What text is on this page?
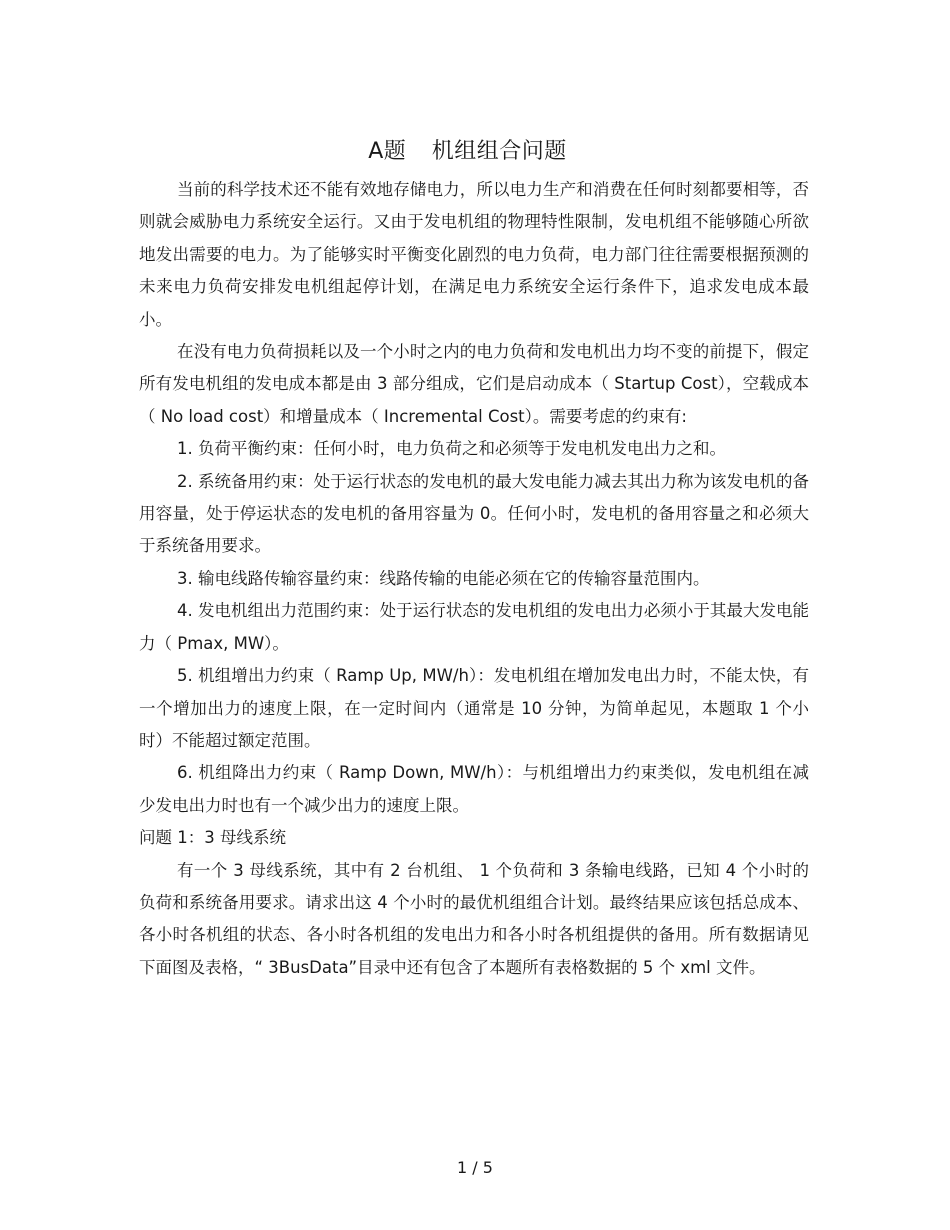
A题 机组组合问题

当前的科学技术还不能有效地存储电力，所以电力生产和消费在任何时刻都要相等，否则就会威胁电力系统安全运行。又由于发电机组的物理特性限制，发电机组不能够随心所欲地发出需要的电力。为了能够实时平衡变化剧烈的电力负荷，电力部门往往需要根据预测的未来电力负荷安排发电机组起停计划，在满足电力系统安全运行条件下，追求发电成本最小。

在没有电力负荷损耗以及一个小时之内的电力负荷和发电机出力均不变的前提下，假定所有发电机组的发电成本都是由 3 部分组成，它们是启动成本（ Startup Cost），空载成本（ No load cost）和增量成本（ Incremental Cost）。需要考虑的约束有:

1. 负荷平衡约束：任何小时，电力负荷之和必须等于发电机发电出力之和。

2. 系统备用约束：处于运行状态的发电机的最大发电能力减去其出力称为该发电机的备用容量，处于停运状态的发电机的备用容量为 0。任何小时，发电机的备用容量之和必须大于系统备用要求。

3. 输电线路传输容量约束：线路传输的电能必须在它的传输容量范围内。

4. 发电机组出力范围约束：处于运行状态的发电机组的发电出力必须小于其最大发电能力（ Pmax, MW）。

5. 机组增出力约束（ Ramp Up, MW/h）：发电机组在增加发电出力时，不能太快，有一个增加出力的速度上限，在一定时间内（通常是 10 分钟，为简单起见，本题取 1 个小时）不能超过额定范围。

6. 机组降出力约束（ Ramp Down, MW/h）：与机组增出力约束类似，发电机组在减少发电出力时也有一个减少出力的速度上限。

问题 1：3 母线系统

有一个 3 母线系统，其中有 2 台机组、 1 个负荷和 3 条输电线路，已知 4 个小时的负荷和系统备用要求。请求出这 4 个小时的最优机组组合计划。最终结果应该包括总成本、各小时各机组的状态、各小时各机组的发电出力和各小时各机组提供的备用。所有数据请见下面图及表格，“ 3BusData”目录中还有包含了本题所有表格数据的 5 个 xml 文件。

1 / 5
